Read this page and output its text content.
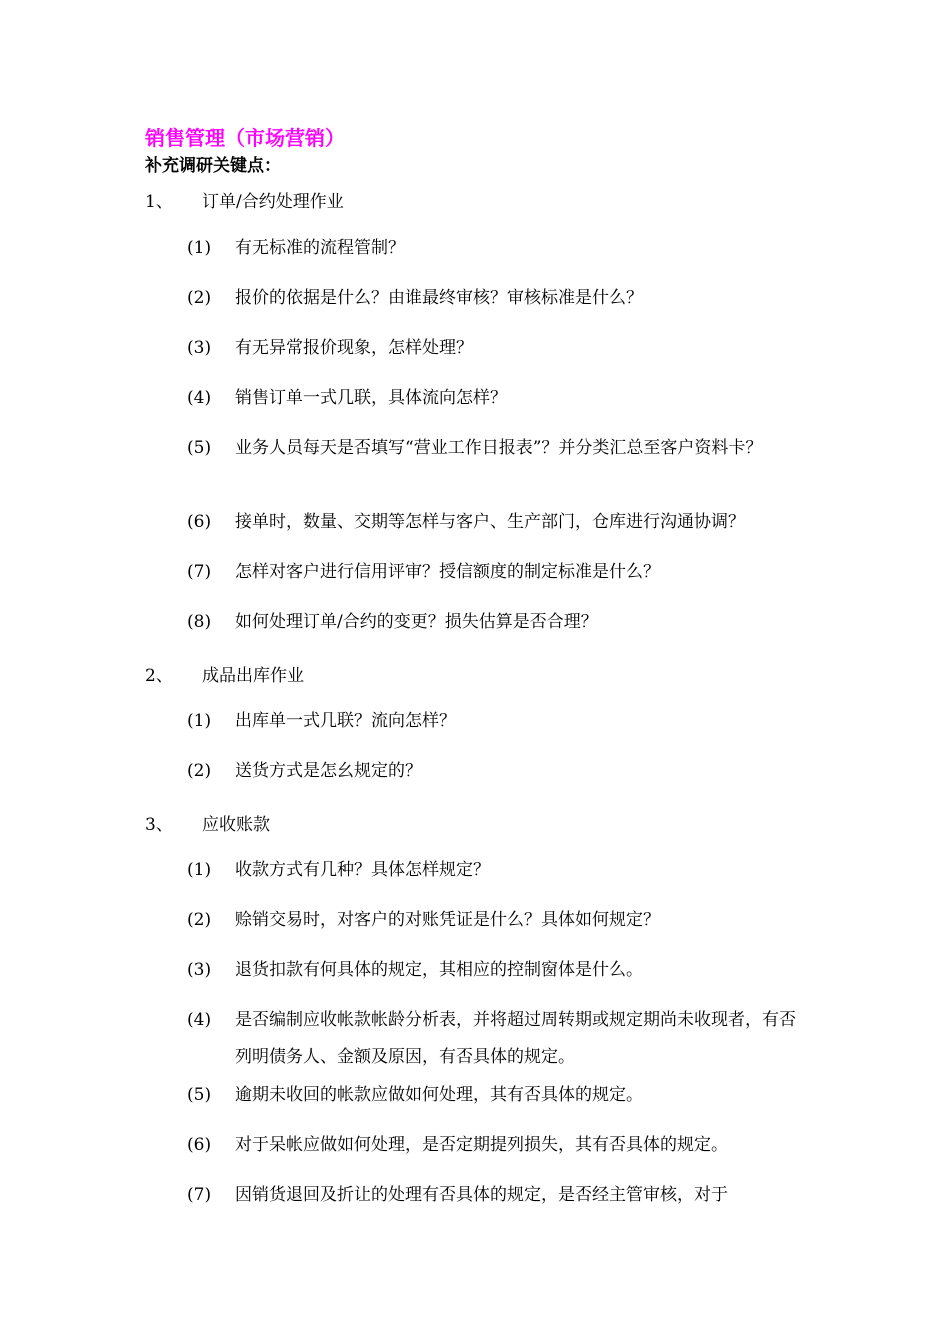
销售管理（市场营销）
补充调研关键点：
1、 订单/合约处理作业
(1)	有无标准的流程管制？
(2)	报价的依据是什么？由谁最终审核？审核标准是什么？
(3)	有无异常报价现象，怎样处理？
(4)	销售订单一式几联，具体流向怎样？
(5)	业务人员每天是否填写“营业工作日报表”？并分类汇总至客户资料卡？
(6)	接单时，数量、交期等怎样与客户、生产部门，仓库进行沟通协调？
(7)	怎样对客户进行信用评审？授信额度的制定标准是什么？
(8)	如何处理订单/合约的变更？损失估算是否合理？
2、 成品出库作业
(1)	出库单一式几联？流向怎样？
(2)	送货方式是怎幺规定的？
3、 应收账款
(1)	收款方式有几种？具体怎样规定？
(2)	赊销交易时，对客户的对账凭证是什么？具体如何规定？
(3)	退货扣款有何具体的规定，其相应的控制窗体是什么。
(4)	是否编制应收帐款帐龄分析表，并将超过周转期或规定期尚未收现者，有否列明债务人、金额及原因，有否具体的规定。
(5)	逾期未收回的帐款应做如何处理，其有否具体的规定。
(6)	对于呆帐应做如何处理，是否定期提列损失，其有否具体的规定。
(7)	因销货退回及折让的处理有否具体的规定，是否经主管审核，对于
